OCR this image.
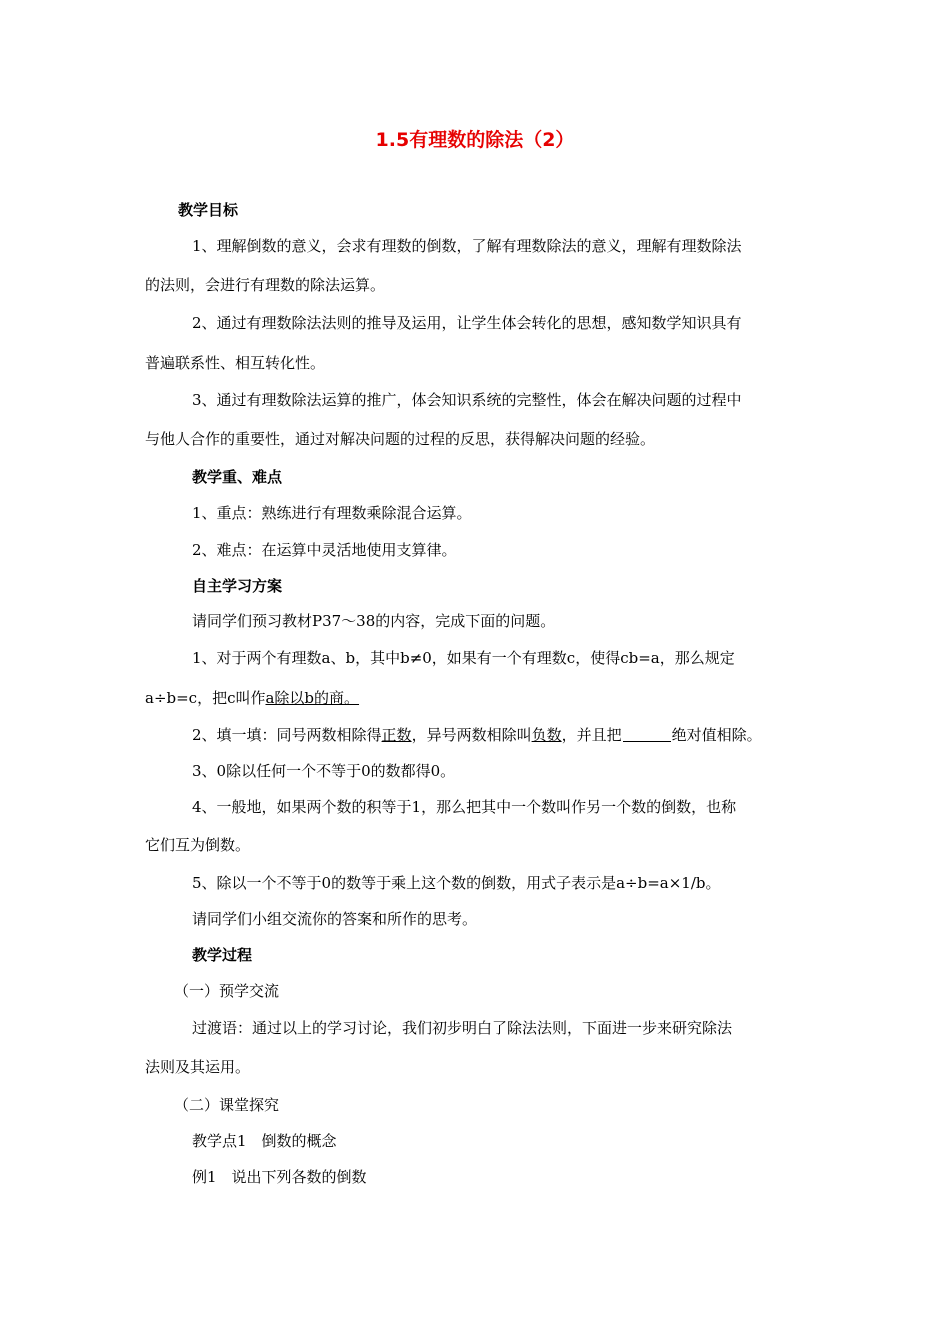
1.5有理数的除法（2）
教学目标
1、理解倒数的意义，会求有理数的倒数，了解有理数除法的意义，理解有理数除法
的法则，会进行有理数的除法运算。
2、通过有理数除法法则的推导及运用，让学生体会转化的思想，感知数学知识具有
普遍联系性、相互转化性。
3、通过有理数除法运算的推广，体会知识系统的完整性，体会在解决问题的过程中
与他人合作的重要性，通过对解决问题的过程的反思，获得解决问题的经验。
教学重、难点
1、重点：熟练进行有理数乘除混合运算。
2、难点：在运算中灵活地使用支算律。
自主学习方案
请同学们预习教材P37～38的内容，完成下面的问题。
1、对于两个有理数a、b，其中b≠0，如果有一个有理数c，使得cb=a，那么规定
a÷b=c，把c叫作a除以b的商。
2、填一填：同号两数相除得正数，异号两数相除叫负数，并且把	绝对值相除。
3、0除以任何一个不等于0的数都得0。
4、一般地，如果两个数的积等于1，那么把其中一个数叫作另一个数的倒数，也称
它们互为倒数。
5、除以一个不等于0的数等于乘上这个数的倒数，用式子表示是a÷b=a×1/b。
请同学们小组交流你的答案和所作的思考。
教学过程
（一）预学交流
过渡语：通过以上的学习讨论，我们初步明白了除法法则，下面进一步来研究除法
法则及其运用。
（二）课堂探究
教学点1　倒数的概念
例1　说出下列各数的倒数
